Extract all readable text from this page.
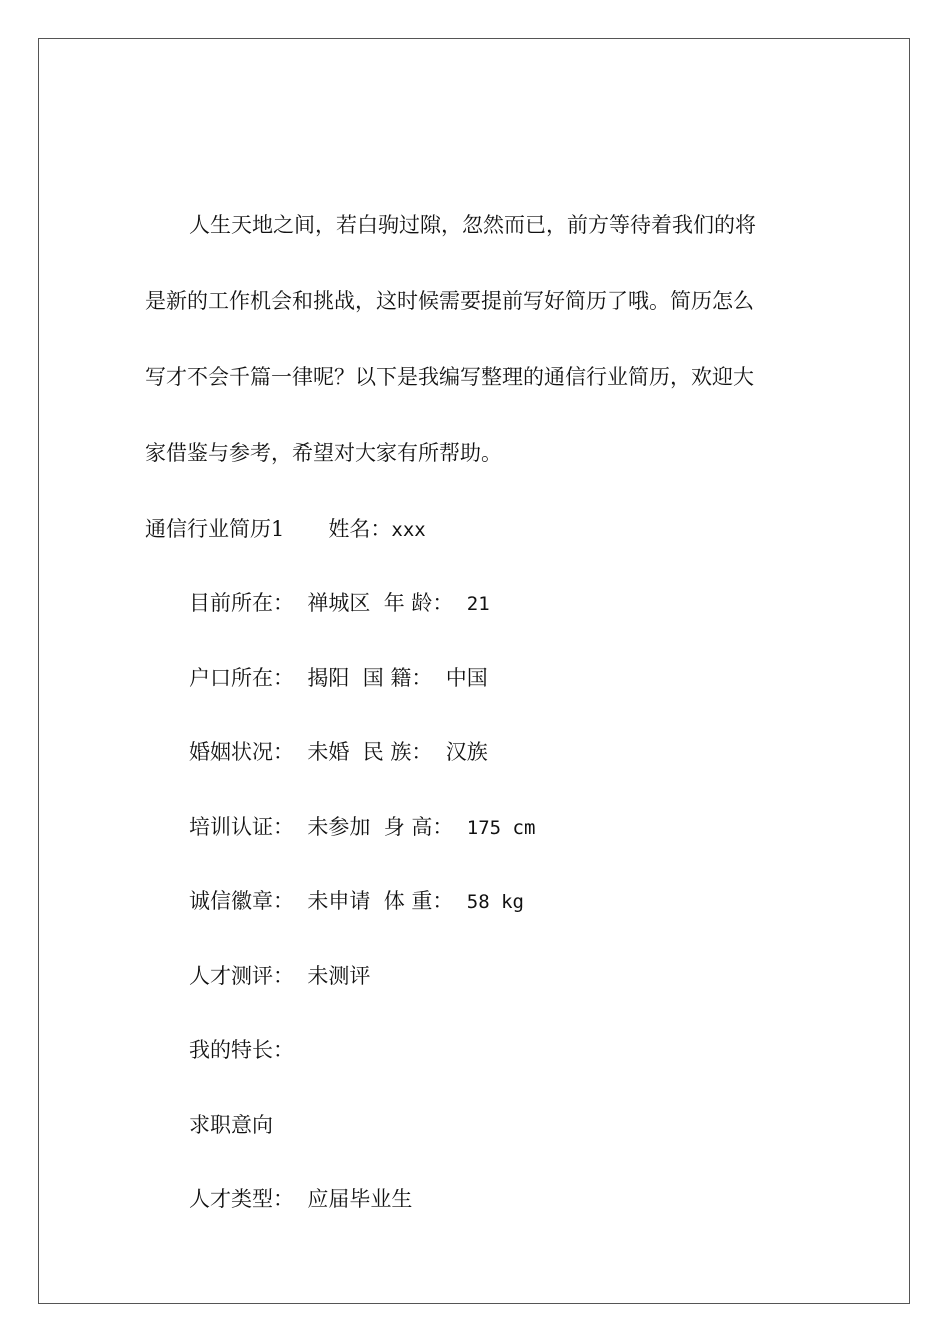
人生天地之间，若白驹过隙，忽然而已，前方等待着我们的将
是新的工作机会和挑战，这时候需要提前写好简历了哦。简历怎么
写才不会千篇一律呢？以下是我编写整理的通信行业简历，欢迎大
家借鉴与参考，希望对大家有所帮助。
通信行业简历1 姓名：xxx
目前所在： 禅城区 年 龄： 21
户口所在： 揭阳 国 籍： 中国
婚姻状况： 未婚 民 族： 汉族
培训认证： 未参加 身 高： 175 cm
诚信徽章： 未申请 体 重： 58 kg
人才测评： 未测评
我的特长：
求职意向
人才类型： 应届毕业生
